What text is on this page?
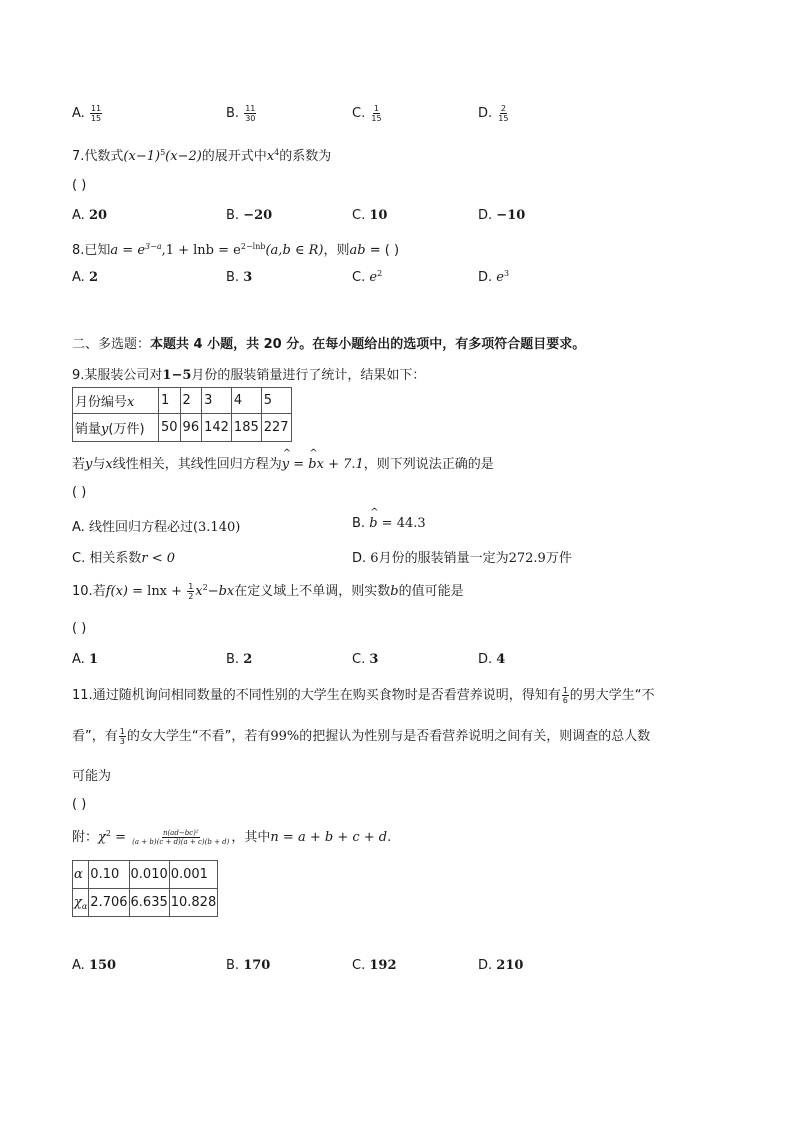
A. $\frac{11}{15}$	B. $\frac{11}{30}$	C. $\frac{1}{15}$	D. $\frac{2}{15}$
7.代数式$(x-1)^5(x-2)$的展开式中$x^4$的系数为
( )
A. 20	B. −20	C. 10	D. −10
8.已知$a = e^{3-a},1 + \ln b = e^{2-lnb}(a,b$ ∈ R)，则ab = ( )
A. 2	B. 3	C. $e^2$	D. $e^3$
二、多选题：本题共 4 小题，共 20 分。在每小题给出的选项中，有多项符合题目要求。
9.某服装公司对1−5月份的服装销量进行了统计，结果如下：
月份编号x	1	2	3	4	5
销量y(万件)	50	96	142	185	227
若y与x线性相关，其线性回归方程为^ y = ^ bx + 7.1，则下列说法正确的是
( )
A. 线性回归方程必过(3.140)	B. ^ b = 44.3
C. 相关系数r < 0	D. 6月份的服装销量一定为272.9万件
10.若$f(x) = \ln x + \frac{1}{2} x^2-bx$在定义域上不单调，则实数b的值可能是
( )
A. 1	B. 2	C. 3	D. 4
11.通过随机询问相同数量的不同性别的大学生在购买食物时是否看营养说明，得知有 $\frac{1}{6}$ 的男大学生“不
看”，有 $\frac{1}{3}$ 的女大学生“不看”，若有99%的把握认为性别与是否看营养说明之间有关，则调查的总人数
可能为
( )
附：$\chi^2 = \frac{\text{n(ad−bc)²}}{(a + b)(c + d)(a + c)(b + d)}$ ，其中n = a + b + c + d.
α	0.10	0.010	0.001
$\chi_\alpha$	2.706	6.635	10.828
A. 150	B. 170	C. 192	D. 210
